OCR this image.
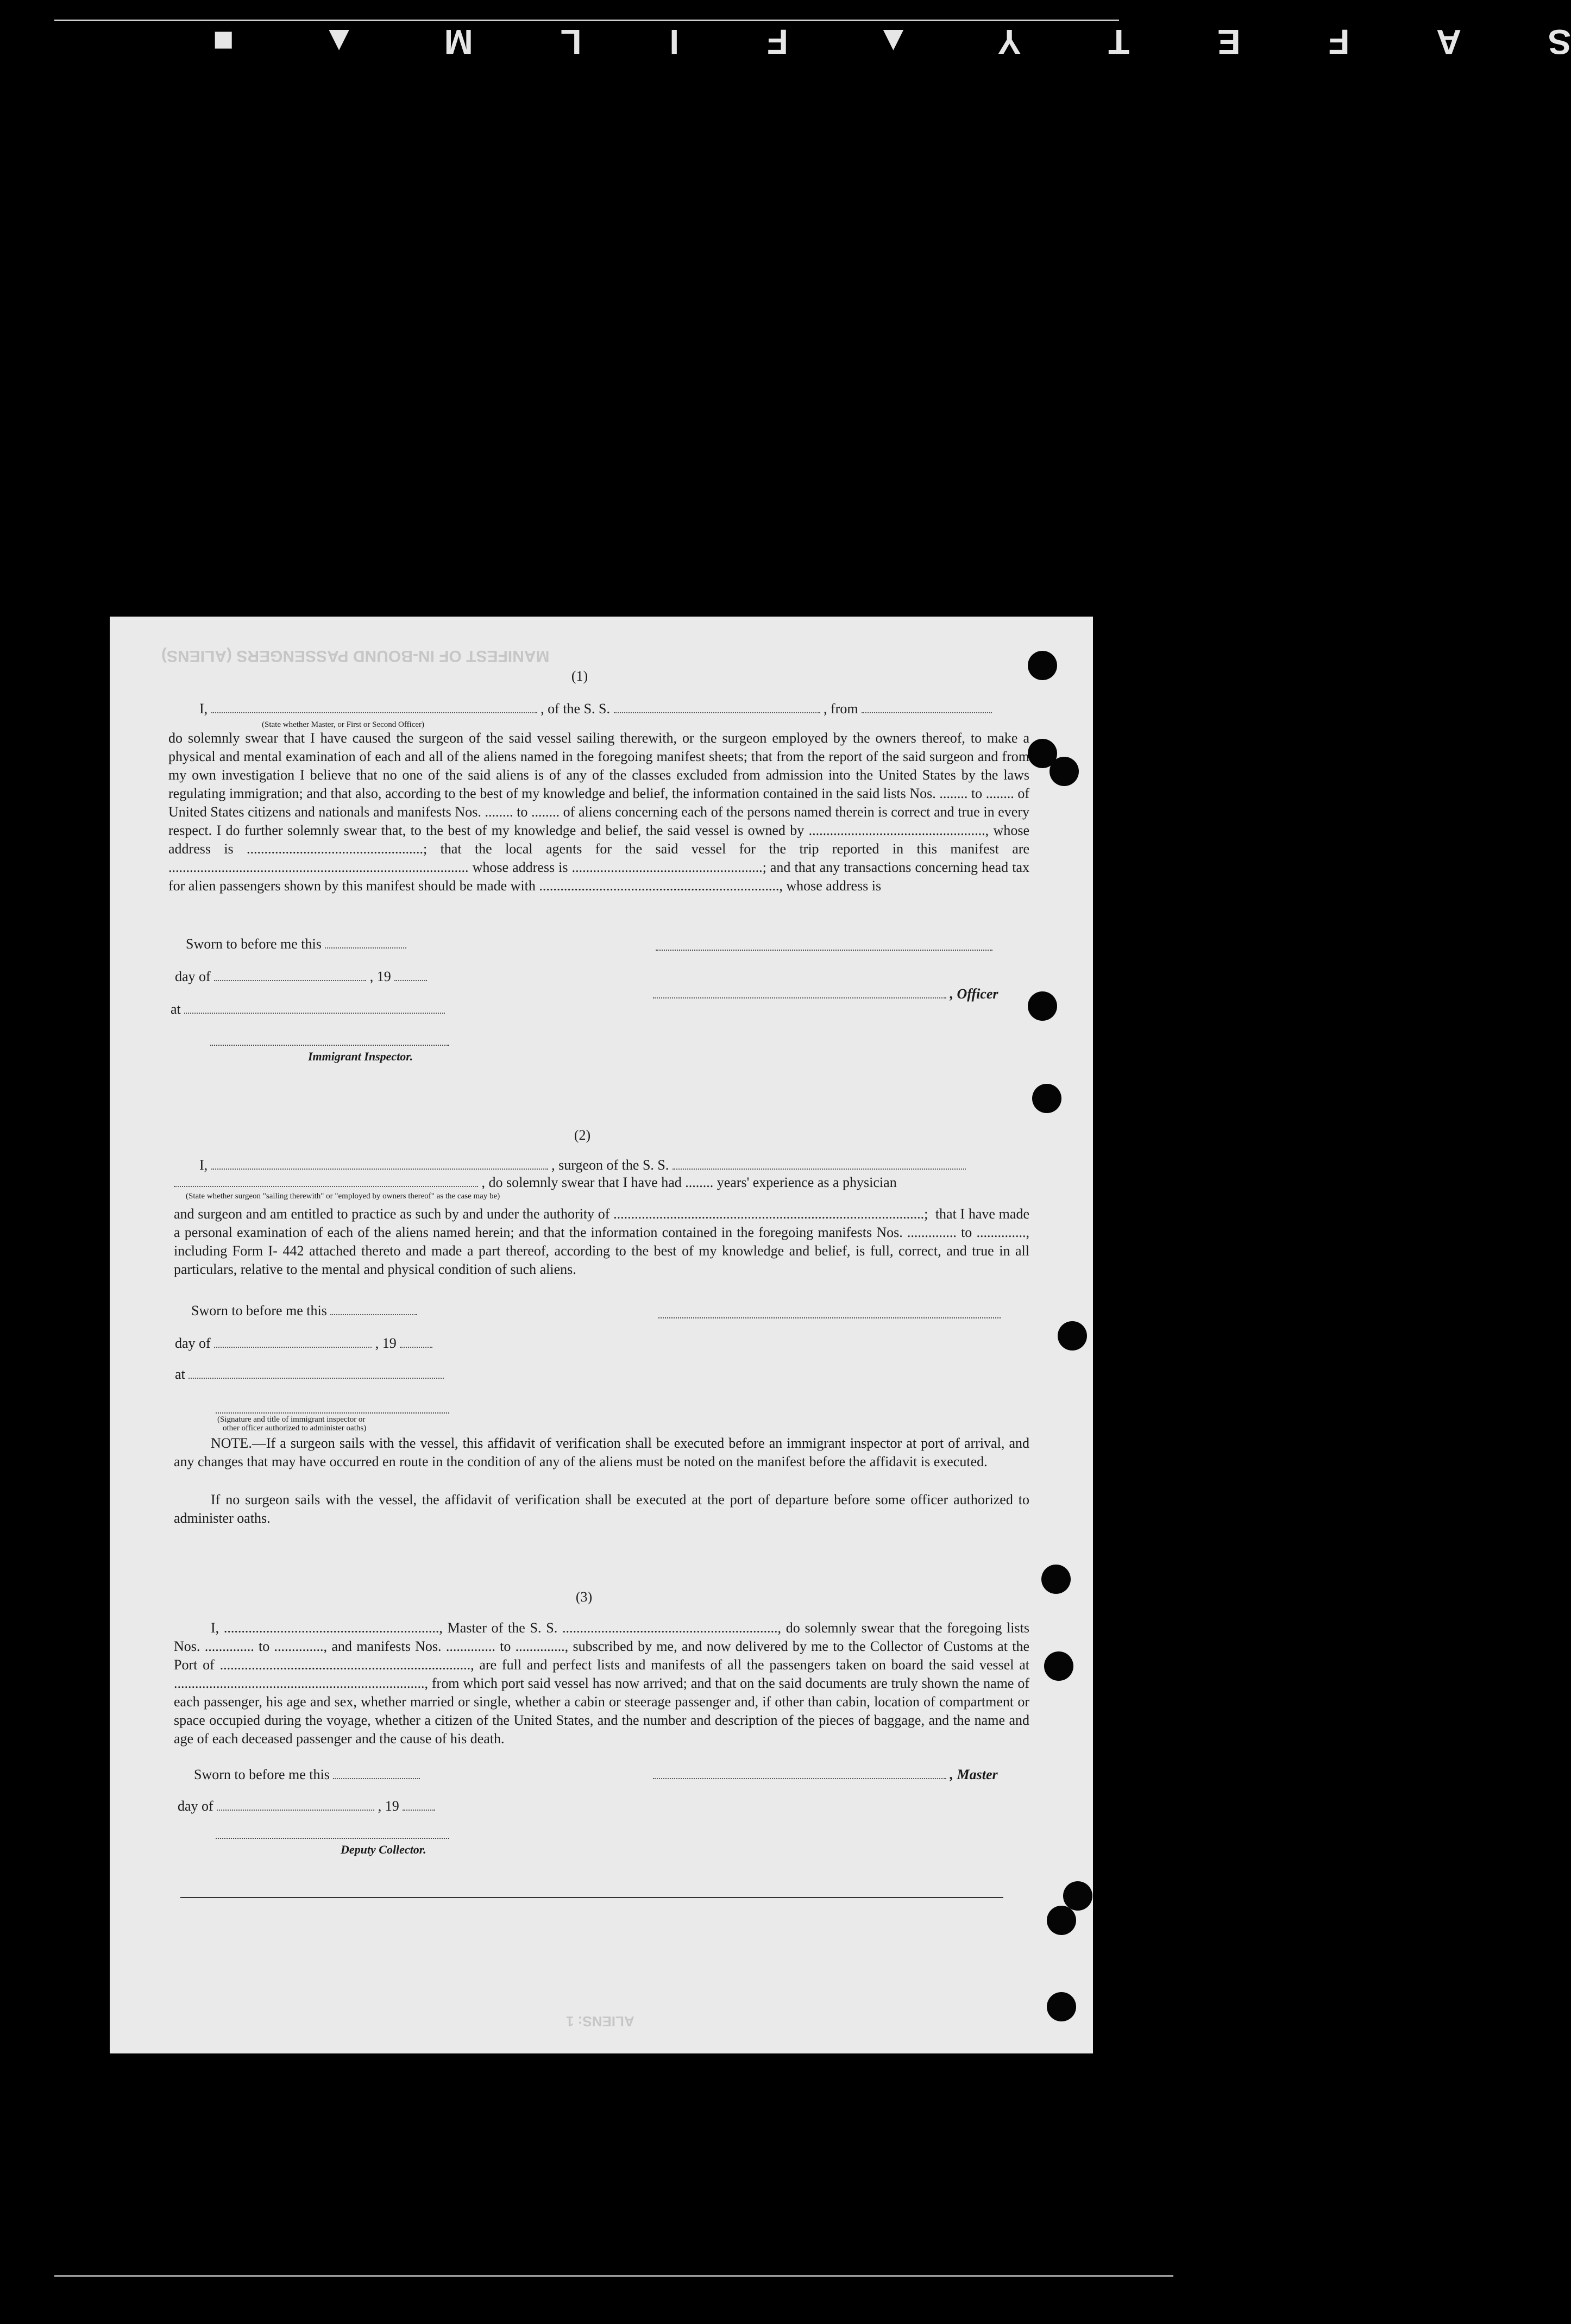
S A F E T Y ▲ F I L M ▲ ■
MANIFEST OF IN-BOUND PASSENGERS (ALIENS)
ALIENS: 1
(1)
I,	, of the S. S.	, from
(State whether Master, or First or Second Officer)
do solemnly swear that I have caused the surgeon of the said vessel sailing therewith, or the surgeon employed by the owners thereof, to make a physical and mental examination of each and all of the aliens named in the foregoing manifest sheets; that from the report of the said surgeon and from my own investigation I believe that no one of the said aliens is of any of the classes excluded from admission into the United States by the laws regulating immigration; and that also, according to the best of my knowledge and belief, the information contained in the said lists Nos. ........ to ........ of United States citizens and nationals and manifests Nos. ........ to ........ of aliens concerning each of the persons named therein is correct and true in every respect. I do further solemnly swear that, to the best of my knowledge and belief, the said vessel is owned by .................................................., whose address is ..................................................; that the local agents for the said vessel for the trip reported in this manifest are ..................................................................................... whose address is ......................................................; and that any transactions concerning head tax for alien passengers shown by this manifest should be made with ...................................................................., whose address is
Sworn to before me this
day of	, 19
, Officer
at
Immigrant Inspector.
(2)
I,	, surgeon of the S. S.
, do solemnly swear that I have had ........ years' experience as a physician
(State whether surgeon "sailing therewith" or "employed by owners thereof" as the case may be)
and surgeon and am entitled to practice as such by and under the authority of ........................................................................................;  that I have made a personal examination of each of the aliens named herein; and that the information contained in the foregoing manifests Nos. .............. to .............., including Form I- 442 attached thereto and made a part thereof, according to the best of my knowledge and belief, is full, correct, and true in all particulars, relative to the mental and physical condition of such aliens.
Sworn to before me this
day of	, 19
at
(Signature and title of immigrant inspector or
other officer authorized to administer oaths)
NOTE.—If a surgeon sails with the vessel, this affidavit of verification shall be executed before an immigrant inspector at port of arrival, and any changes that may have occurred en route in the condition of any of the aliens must be noted on the manifest before the affidavit is executed.
If no surgeon sails with the vessel, the affidavit of verification shall be executed at the port of departure before some officer authorized to administer oaths.
(3)
I, ............................................................., Master of the S. S. ............................................................., do solemnly swear that the foregoing lists Nos. .............. to .............., and manifests Nos. .............. to .............., subscribed by me, and now delivered by me to the Collector of Customs at the Port of ......................................................................., are full and perfect lists and manifests of all the passengers taken on board the said vessel at ......................................................................., from which port said vessel has now arrived; and that on the said documents are truly shown the name of each passenger, his age and sex, whether married or single, whether a cabin or steerage passenger and, if other than cabin, location of compartment or space occupied during the voyage, whether a citizen of the United States, and the number and description of the pieces of baggage, and the name and age of each deceased passenger and the cause of his death.
Sworn to before me this	, Master
day of	, 19
Deputy Collector.
